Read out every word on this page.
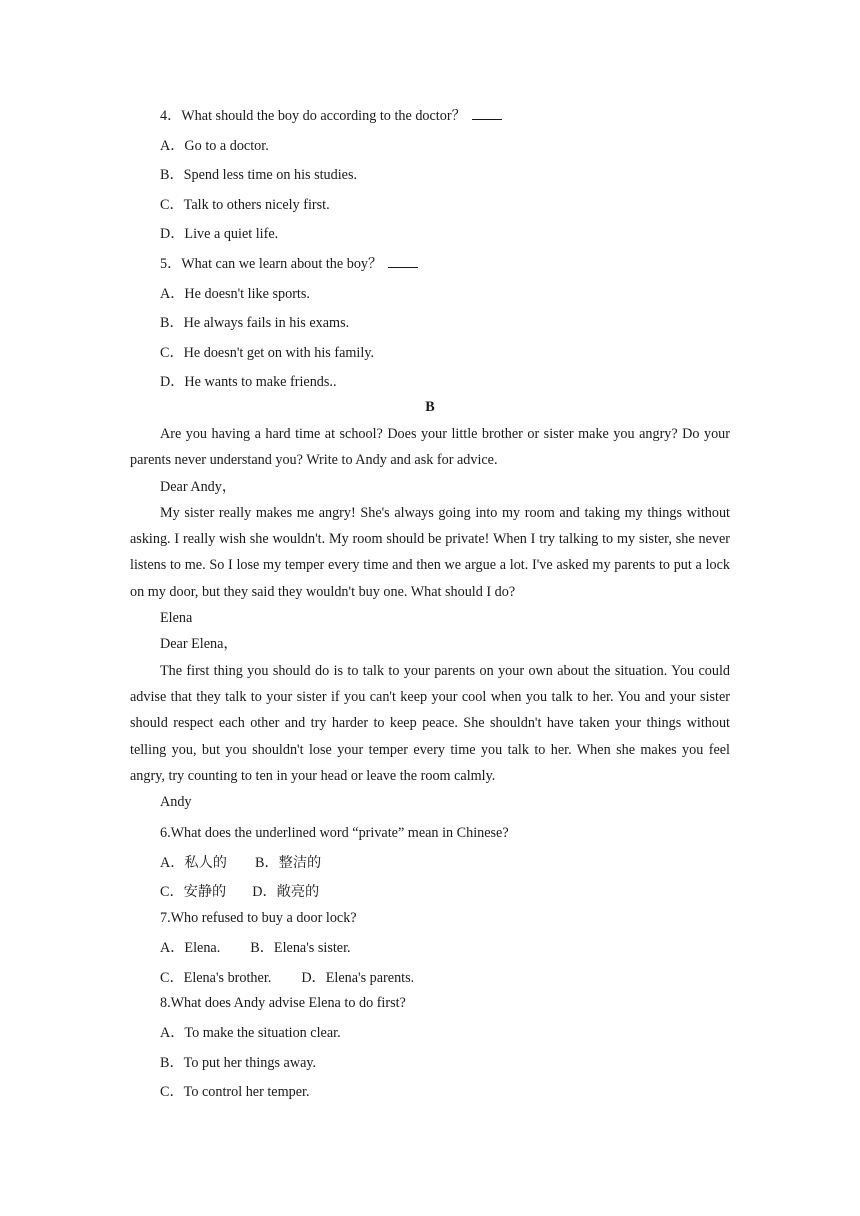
4．What should the boy do according to the doctor？
A．Go to a doctor.
B．Spend less time on his studies.
C．Talk to others nicely first.
D．Live a quiet life.
5．What can we learn about the boy？
A．He doesn't like sports.
B．He always fails in his exams.
C．He doesn't get on with his family.
D．He wants to make friends..
B

Are you having a hard time at school? Does your little brother or sister make you angry? Do your parents never understand you? Write to Andy and ask for advice.

Dear Andy，

My sister really makes me angry! She's always going into my room and taking my things without asking. I really wish she wouldn't. My room should be private! When I try talking to my sister, she never listens to me. So I lose my temper every time and then we argue a lot. I've asked my parents to put a lock on my door, but they said they wouldn't buy one. What should I do?

Elena

Dear Elena，

The first thing you should do is to talk to your parents on your own about the situation. You could advise that they talk to your sister if you can't keep your cool when you talk to her. You and your sister should respect each other and try harder to keep peace. She shouldn't have taken your things without telling you, but you shouldn't lose your temper every time you talk to her. When she makes you feel angry, try counting to ten in your head or leave the room calmly.

Andy

6.What does the underlined word “private” mean in Chinese?
A．私人的 B．整洁的
C．安静的 D．敞亮的
7.Who refused to buy a door lock?
A．Elena. B．Elena's sister.
C．Elena's brother. D．Elena's parents.
8.What does Andy advise Elena to do first?
A．To make the situation clear.
B．To put her things away.
C．To control her temper.
